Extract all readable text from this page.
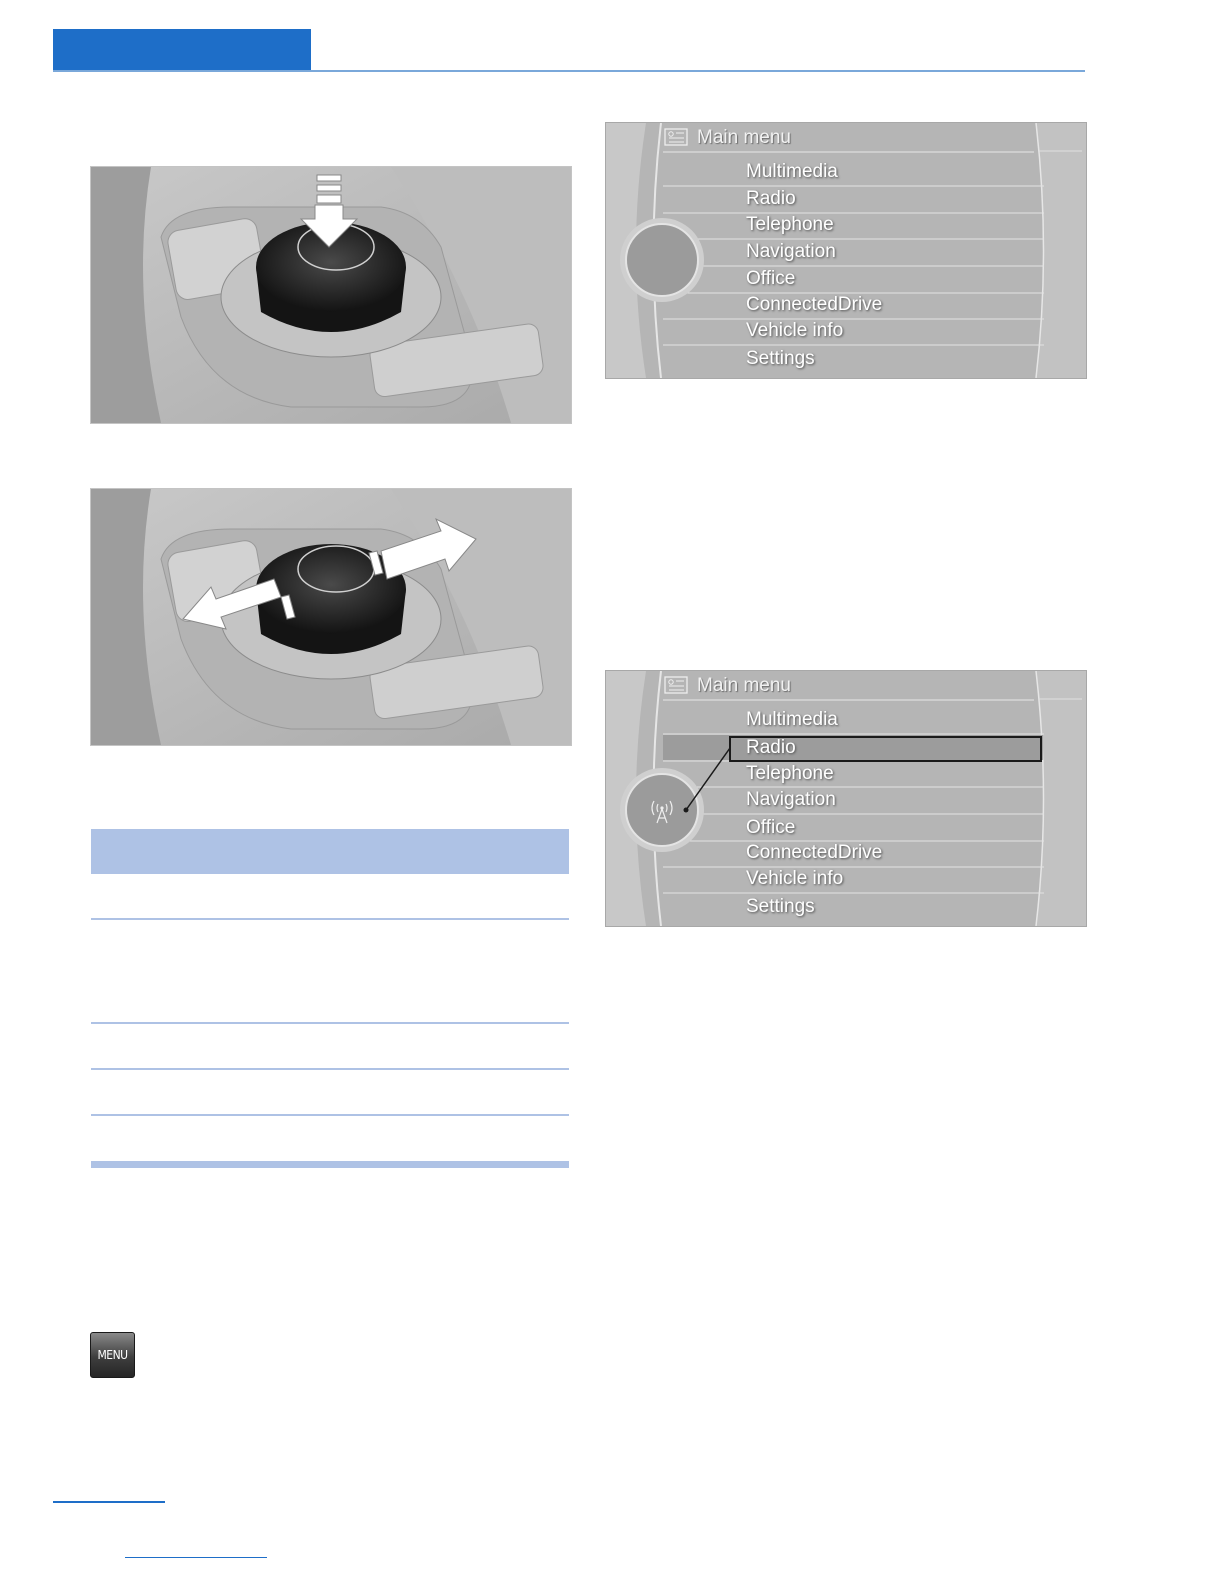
Main menu
Multimedia
Radio
Telephone
Navigation
Office
ConnectedDrive
Vehicle info
Settings
Main menu
Multimedia
Radio
Telephone
Navigation
Office
ConnectedDrive
Vehicle info
Settings
MENU
